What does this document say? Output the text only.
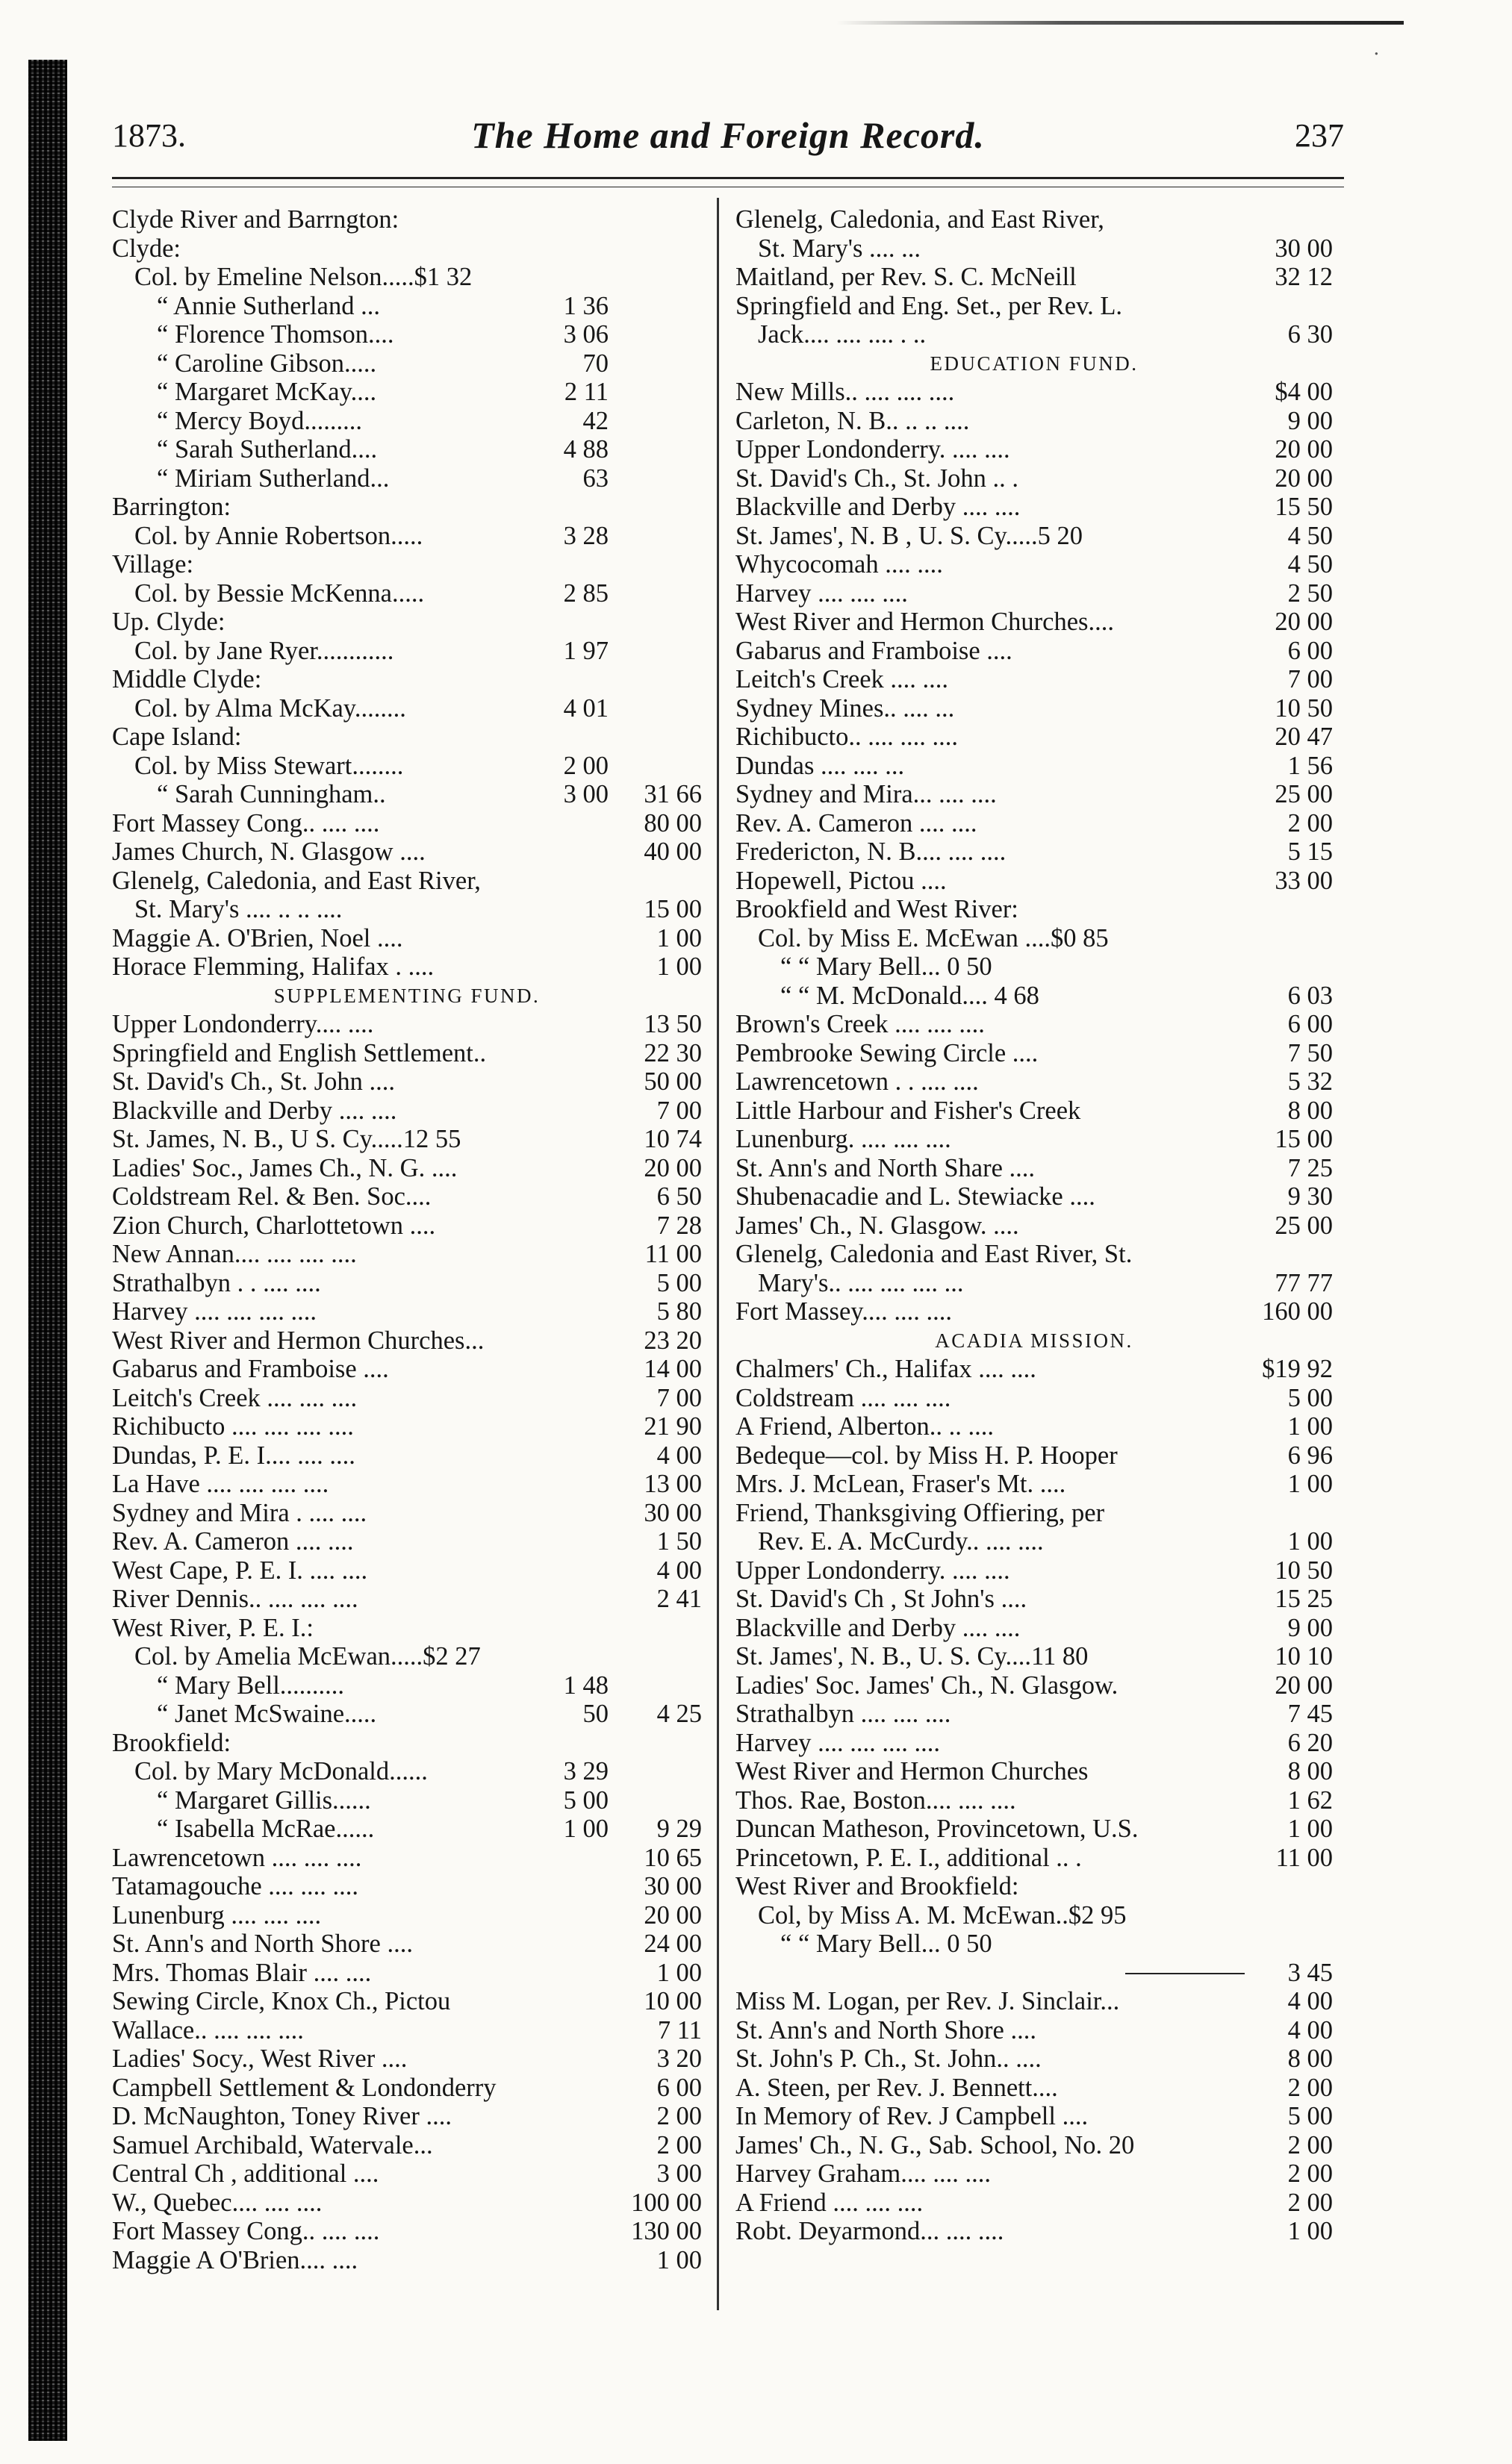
˙
1873.	The Home and Foreign Record.	237
Clyde River and Barrngton:
Clyde:
Col. by Emeline Nelson.....$1 32
“ Annie Sutherland ...	1 36
“ Florence Thomson....	3 06
“ Caroline Gibson.....	70
“ Margaret McKay....	2 11
“ Mercy Boyd.........	42
“ Sarah Sutherland....	4 88
“ Miriam Sutherland...	63
Barrington:
Col. by Annie Robertson.....	3 28
Village:
Col. by Bessie McKenna.....	2 85
Up. Clyde:
Col. by Jane Ryer............	1 97
Middle Clyde:
Col. by Alma McKay........	4 01
Cape Island:
Col. by Miss Stewart........	2 00
“ Sarah Cunningham..	3 00	31 66
Fort Massey Cong.. .... ....	80 00
James Church, N. Glasgow ....	40 00
Glenelg, Caledonia, and East River,
St. Mary's .... .. .. ....	15 00
Maggie A. O'Brien, Noel ....	1 00
Horace Flemming, Halifax . ....	1 00
SUPPLEMENTING FUND.
Upper Londonderry.... ....	13 50
Springfield and English Settlement..	22 30
St. David's Ch., St. John ....	50 00
Blackville and Derby .... ....	7 00
St. James, N. B., U S. Cy.....12 55	10 74
Ladies' Soc., James Ch., N. G. ....	20 00
Coldstream Rel. & Ben. Soc....	6 50
Zion Church, Charlottetown ....	7 28
New Annan.... .... .... ....	11 00
Strathalbyn . . .... ....	5 00
Harvey .... .... .... ....	5 80
West River and Hermon Churches...	23 20
Gabarus and Framboise ....	14 00
Leitch's Creek .... .... ....	7 00
Richibucto .... .... .... ....	21 90
Dundas, P. E. I.... .... ....	4 00
La Have .... .... .... ....	13 00
Sydney and Mira . .... ....	30 00
Rev. A. Cameron .... ....	1 50
West Cape, P. E. I. .... ....	4 00
River Dennis.. .... .... ....	2 41
West River, P. E. I.:
Col. by Amelia McEwan.....$2 27
“ Mary Bell..........	1 48
“ Janet McSwaine.....	50	4 25
Brookfield:
Col. by Mary McDonald......	3 29
“ Margaret Gillis......	5 00
“ Isabella McRae......	1 00	9 29
Lawrencetown .... .... ....	10 65
Tatamagouche .... .... ....	30 00
Lunenburg .... .... ....	20 00
St. Ann's and North Shore ....	24 00
Mrs. Thomas Blair .... ....	1 00
Sewing Circle, Knox Ch., Pictou	10 00
Wallace.. .... .... ....	7 11
Ladies' Socy., West River ....	3 20
Campbell Settlement & Londonderry	6 00
D. McNaughton, Toney River ....	2 00
Samuel Archibald, Watervale...	2 00
Central Ch , additional ....	3 00
W., Quebec.... .... ....	100 00
Fort Massey Cong.. .... ....	130 00
Maggie A O'Brien.... ....	1 00
Glenelg, Caledonia, and East River,
St. Mary's .... ...	30 00
Maitland, per Rev. S. C. McNeill	32 12
Springfield and Eng. Set., per Rev. L.
Jack.... .... .... . ..	6 30
EDUCATION FUND.
New Mills.. .... .... ....	$4 00
Carleton, N. B.. .. .. ....	9 00
Upper Londonderry. .... ....	20 00
St. David's Ch., St. John .. .	20 00
Blackville and Derby .... ....	15 50
St. James', N. B , U. S. Cy.....5 20	4 50
Whycocomah .... ....	4 50
Harvey .... .... ....	2 50
West River and Hermon Churches....	20 00
Gabarus and Framboise ....	6 00
Leitch's Creek .... ....	7 00
Sydney Mines.. .... ...	10 50
Richibucto.. .... .... ....	20 47
Dundas .... .... ...	1 56
Sydney and Mira... .... ....	25 00
Rev. A. Cameron .... ....	2 00
Fredericton, N. B.... .... ....	5 15
Hopewell, Pictou ....	33 00
Brookfield and West River:
Col. by Miss E. McEwan ....$0 85
“ “ Mary Bell... 0 50
“ “ M. McDonald.... 4 68	6 03
Brown's Creek .... .... ....	6 00
Pembrooke Sewing Circle ....	7 50
Lawrencetown . . .... ....	5 32
Little Harbour and Fisher's Creek	8 00
Lunenburg. .... .... ....	15 00
St. Ann's and North Share ....	7 25
Shubenacadie and L. Stewiacke ....	9 30
James' Ch., N. Glasgow. ....	25 00
Glenelg, Caledonia and East River, St.
Mary's.. .... .... .... ...	77 77
Fort Massey.... .... ....	160 00
ACADIA MISSION.
Chalmers' Ch., Halifax .... ....	$19 92
Coldstream .... .... ....	5 00
A Friend, Alberton.. .. ....	1 00
Bedeque—col. by Miss H. P. Hooper	6 96
Mrs. J. McLean, Fraser's Mt. ....	1 00
Friend, Thanksgiving Offiering, per
Rev. E. A. McCurdy.. .... ....	1 00
Upper Londonderry. .... ....	10 50
St. David's Ch , St John's ....	15 25
Blackville and Derby .... ....	9 00
St. James', N. B., U. S. Cy....11 80	10 10
Ladies' Soc. James' Ch., N. Glasgow.	20 00
Strathalbyn .... .... ....	7 45
Harvey .... .... .... ....	6 20
West River and Hermon Churches	8 00
Thos. Rae, Boston.... .... ....	1 62
Duncan Matheson, Provincetown, U.S.	1 00
Princetown, P. E. I., additional .. .	11 00
West River and Brookfield:
Col, by Miss A. M. McEwan..$2 95
“ “ Mary Bell... 0 50
3 45
Miss M. Logan, per Rev. J. Sinclair...	4 00
St. Ann's and North Shore ....	4 00
St. John's P. Ch., St. John.. ....	8 00
A. Steen, per Rev. J. Bennett....	2 00
In Memory of Rev. J Campbell ....	5 00
James' Ch., N. G., Sab. School, No. 20	2 00
Harvey Graham.... .... ....	2 00
A Friend .... .... ....	2 00
Robt. Deyarmond... .... ....	1 00
